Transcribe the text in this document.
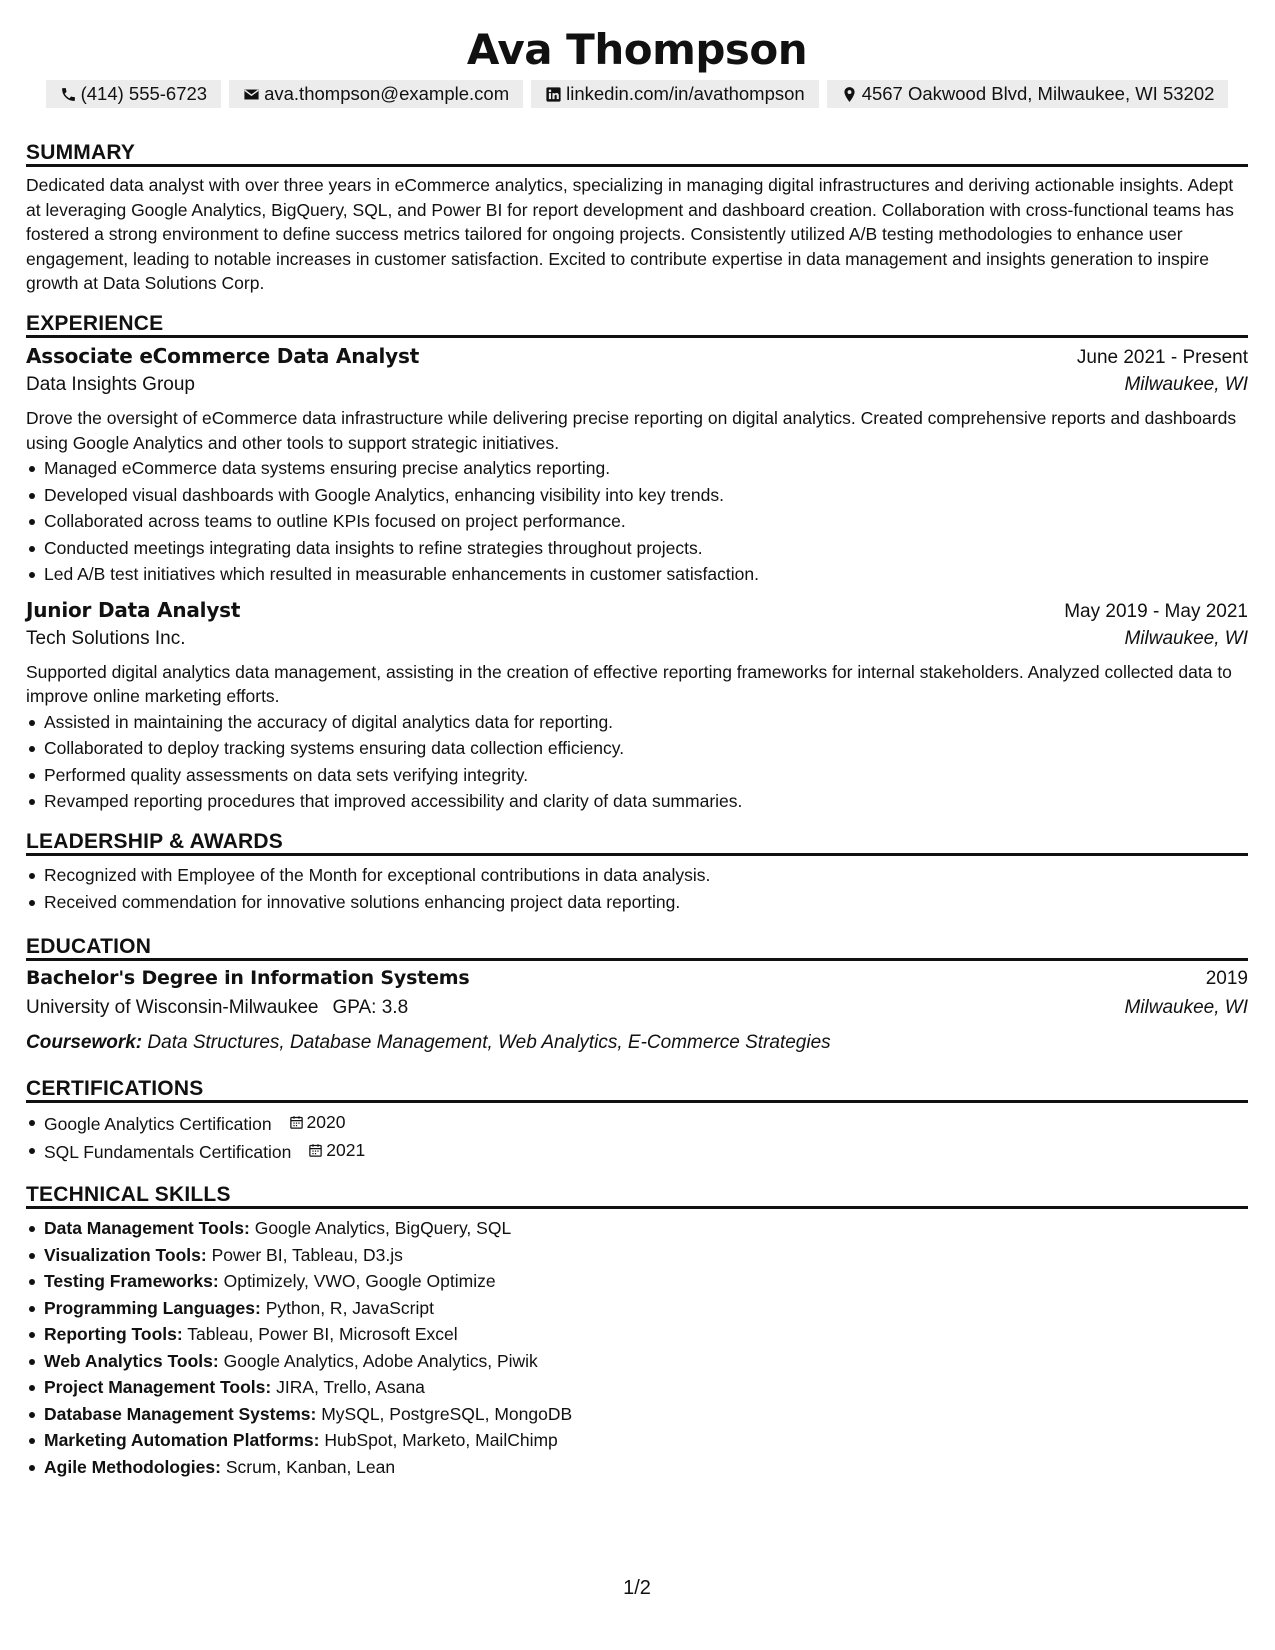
Ava Thompson
(414) 555-6723	ava.thompson@example.com	linkedin.com/in/avathompson	4567 Oakwood Blvd, Milwaukee, WI 53202
SUMMARY
Dedicated data analyst with over three years in eCommerce analytics, specializing in managing digital infrastructures and deriving actionable insights. Adept at leveraging Google Analytics, BigQuery, SQL, and Power BI for report development and dashboard creation. Collaboration with cross-functional teams has fostered a strong environment to define success metrics tailored for ongoing projects. Consistently utilized A/B testing methodologies to enhance user engagement, leading to notable increases in customer satisfaction. Excited to contribute expertise in data management and insights generation to inspire growth at Data Solutions Corp.
EXPERIENCE
Associate eCommerce Data Analyst	June 2021 - Present
Data Insights Group	Milwaukee, WI
Drove the oversight of eCommerce data infrastructure while delivering precise reporting on digital analytics. Created comprehensive reports and dashboards using Google Analytics and other tools to support strategic initiatives.
Managed eCommerce data systems ensuring precise analytics reporting.
Developed visual dashboards with Google Analytics, enhancing visibility into key trends.
Collaborated across teams to outline KPIs focused on project performance.
Conducted meetings integrating data insights to refine strategies throughout projects.
Led A/B test initiatives which resulted in measurable enhancements in customer satisfaction.
Junior Data Analyst	May 2019 - May 2021
Tech Solutions Inc.	Milwaukee, WI
Supported digital analytics data management, assisting in the creation of effective reporting frameworks for internal stakeholders. Analyzed collected data to improve online marketing efforts.
Assisted in maintaining the accuracy of digital analytics data for reporting.
Collaborated to deploy tracking systems ensuring data collection efficiency.
Performed quality assessments on data sets verifying integrity.
Revamped reporting procedures that improved accessibility and clarity of data summaries.
LEADERSHIP & AWARDS
Recognized with Employee of the Month for exceptional contributions in data analysis.
Received commendation for innovative solutions enhancing project data reporting.
EDUCATION
Bachelor's Degree in Information Systems	2019
University of Wisconsin-Milwaukee GPA: 3.8	Milwaukee, WI
Coursework: Data Structures, Database Management, Web Analytics, E-Commerce Strategies
CERTIFICATIONS
Google Analytics Certification 2020
SQL Fundamentals Certification 2021
TECHNICAL SKILLS
Data Management Tools: Google Analytics, BigQuery, SQL
Visualization Tools: Power BI, Tableau, D3.js
Testing Frameworks: Optimizely, VWO, Google Optimize
Programming Languages: Python, R, JavaScript
Reporting Tools: Tableau, Power BI, Microsoft Excel
Web Analytics Tools: Google Analytics, Adobe Analytics, Piwik
Project Management Tools: JIRA, Trello, Asana
Database Management Systems: MySQL, PostgreSQL, MongoDB
Marketing Automation Platforms: HubSpot, Marketo, MailChimp
Agile Methodologies: Scrum, Kanban, Lean
1/2
